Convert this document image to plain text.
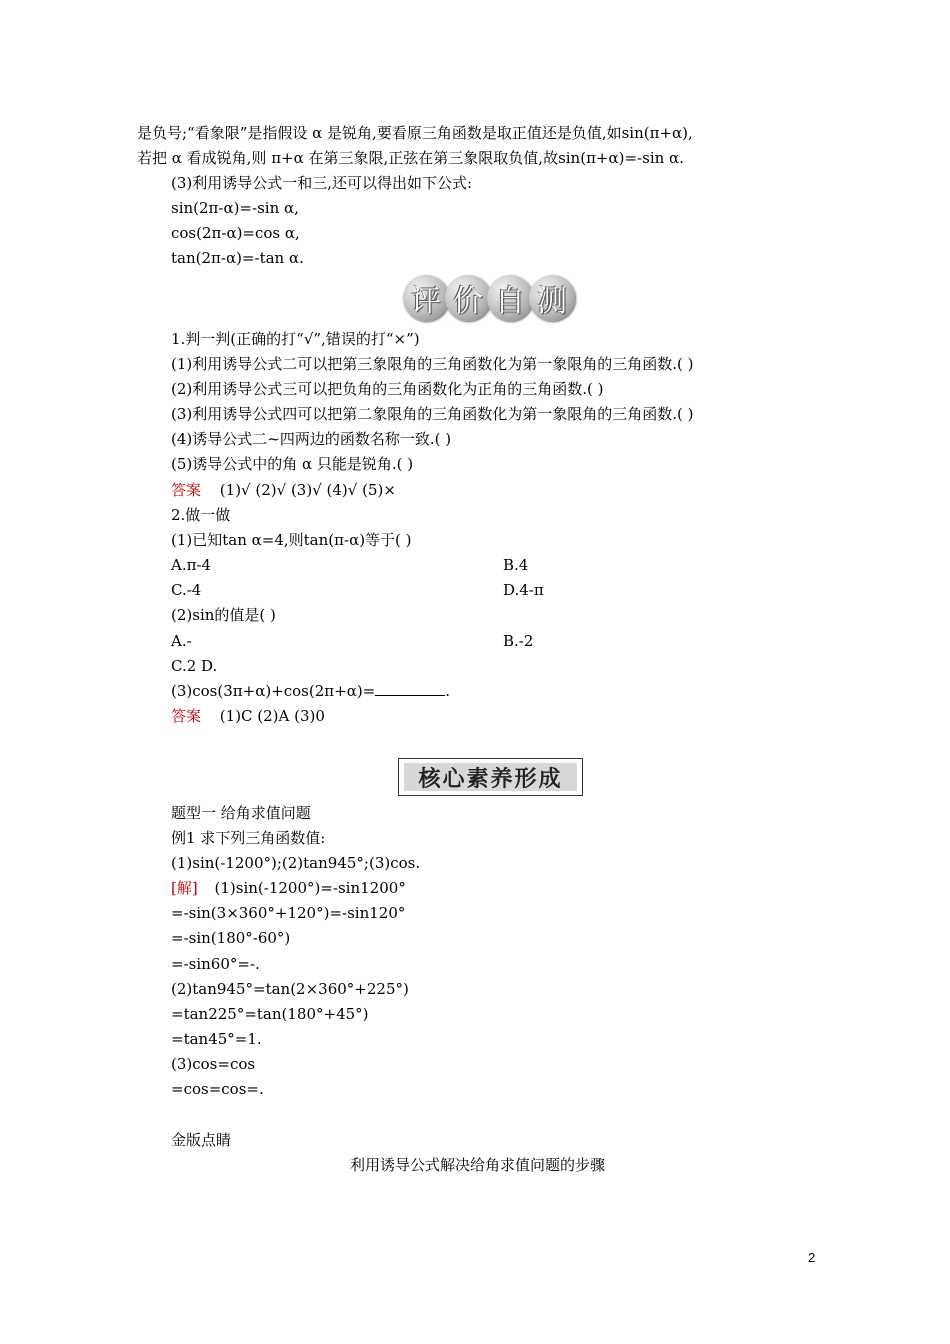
是负号;“看象限”是指假设 α 是锐角,要看原三角函数是取正值还是负值,如sin(π+α),
若把 α 看成锐角,则 π+α 在第三象限,正弦在第三象限取负值,故sin(π+α)=-sin α.
(3)利用诱导公式一和三,还可以得出如下公式:
sin(2π-α)=-sin α,
cos(2π-α)=cos α,
tan(2π-α)=-tan α.
评 价 自 测
1.判一判(正确的打“√”,错误的打“×”)
(1)利用诱导公式二可以把第三象限角的三角函数化为第一象限角的三角函数.( )
(2)利用诱导公式三可以把负角的三角函数化为正角的三角函数.( )
(3)利用诱导公式四可以把第二象限角的三角函数化为第一象限角的三角函数.( )
(4)诱导公式二~四两边的函数名称一致.( )
(5)诱导公式中的角 α 只能是锐角.( )
答案 (1)√ (2)√ (3)√ (4)√ (5)×
2.做一做
(1)已知tan α=4,则tan(π-α)等于( )
A.π-4	B.4
C.-4	D.4-π
(2)sin的值是( )
A.-	B.-2
C.2 D.
(3)cos(3π+α)+cos(2π+α)=	.
答案 (1)C (2)A (3)0
核心素养形成
题型一 给角求值问题
例1 求下列三角函数值:
(1)sin(-1200°);(2)tan945°;(3)cos.
[解] (1)sin(-1200°)=-sin1200°
=-sin(3×360°+120°)=-sin120°
=-sin(180°-60°)
=-sin60°=-.
(2)tan945°=tan(2×360°+225°)
=tan225°=tan(180°+45°)
=tan45°=1.
(3)cos=cos
=cos=cos=.
金版点睛
利用诱导公式解决给角求值问题的步骤
2
